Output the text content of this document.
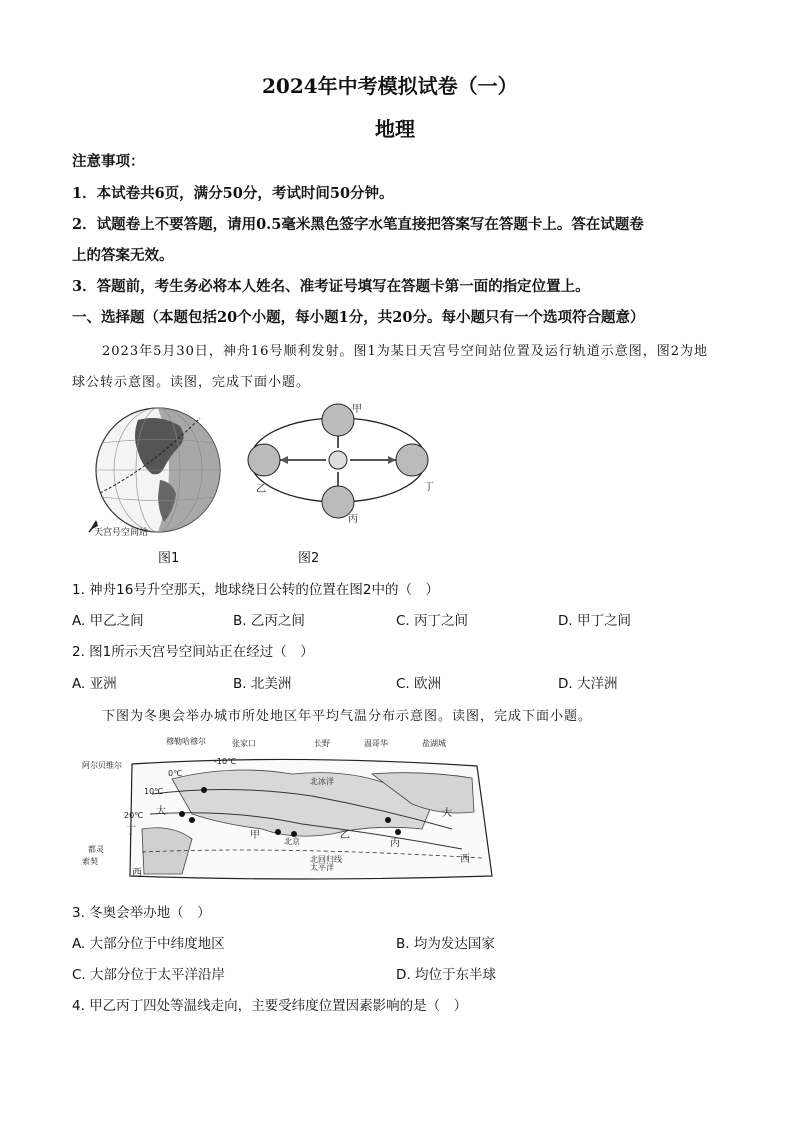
2024年中考模拟试卷（一）
地理
注意事项：
1．本试卷共6页，满分50分，考试时间50分钟。
2．试题卷上不要答题，请用0.5毫米黑色签字水笔直接把答案写在答题卡上。答在试题卷
上的答案无效。
3．答题前，考生务必将本人姓名、准考证号填写在答题卡第一面的指定位置上。
一、选择题（本题包括20个小题，每小题1分，共20分。每小题只有一个选项符合题意）
2023年5月30日，神舟16号顺利发射。图1为某日天宫号空间站位置及运行轨道示意图，图2为地
球公转示意图。读图，完成下面小题。
天宫号空间站
甲
乙
丙
丁
图1	图2
1. 神舟16号升空那天，地球绕日公转的位置在图2中的（　）
A. 甲乙之间	B. 乙丙之间	C. 丙丁之间	D. 甲丁之间
2. 图1所示天宫号空间站正在经过（　）
A. 亚洲	B. 北美洲	C. 欧洲	D. 大洋洲
下图为冬奥会举办城市所处地区年平均气温分布示意图。读图，完成下面小题。
穆勒哈穆尔	张家口	长野	温哥华	盐湖城
阿尔贝维尔
都灵
索契
0℃
-10℃
10℃
20℃
北冰洋
太平洋
北京
北回归线
甲	乙
丙
丁
大	大
西
西
3. 冬奥会举办地（　）
A. 大部分位于中纬度地区	B. 均为发达国家
C. 大部分位于太平洋沿岸	D. 均位于东半球
4. 甲乙丙丁四处等温线走向，主要受纬度位置因素影响的是（　）
